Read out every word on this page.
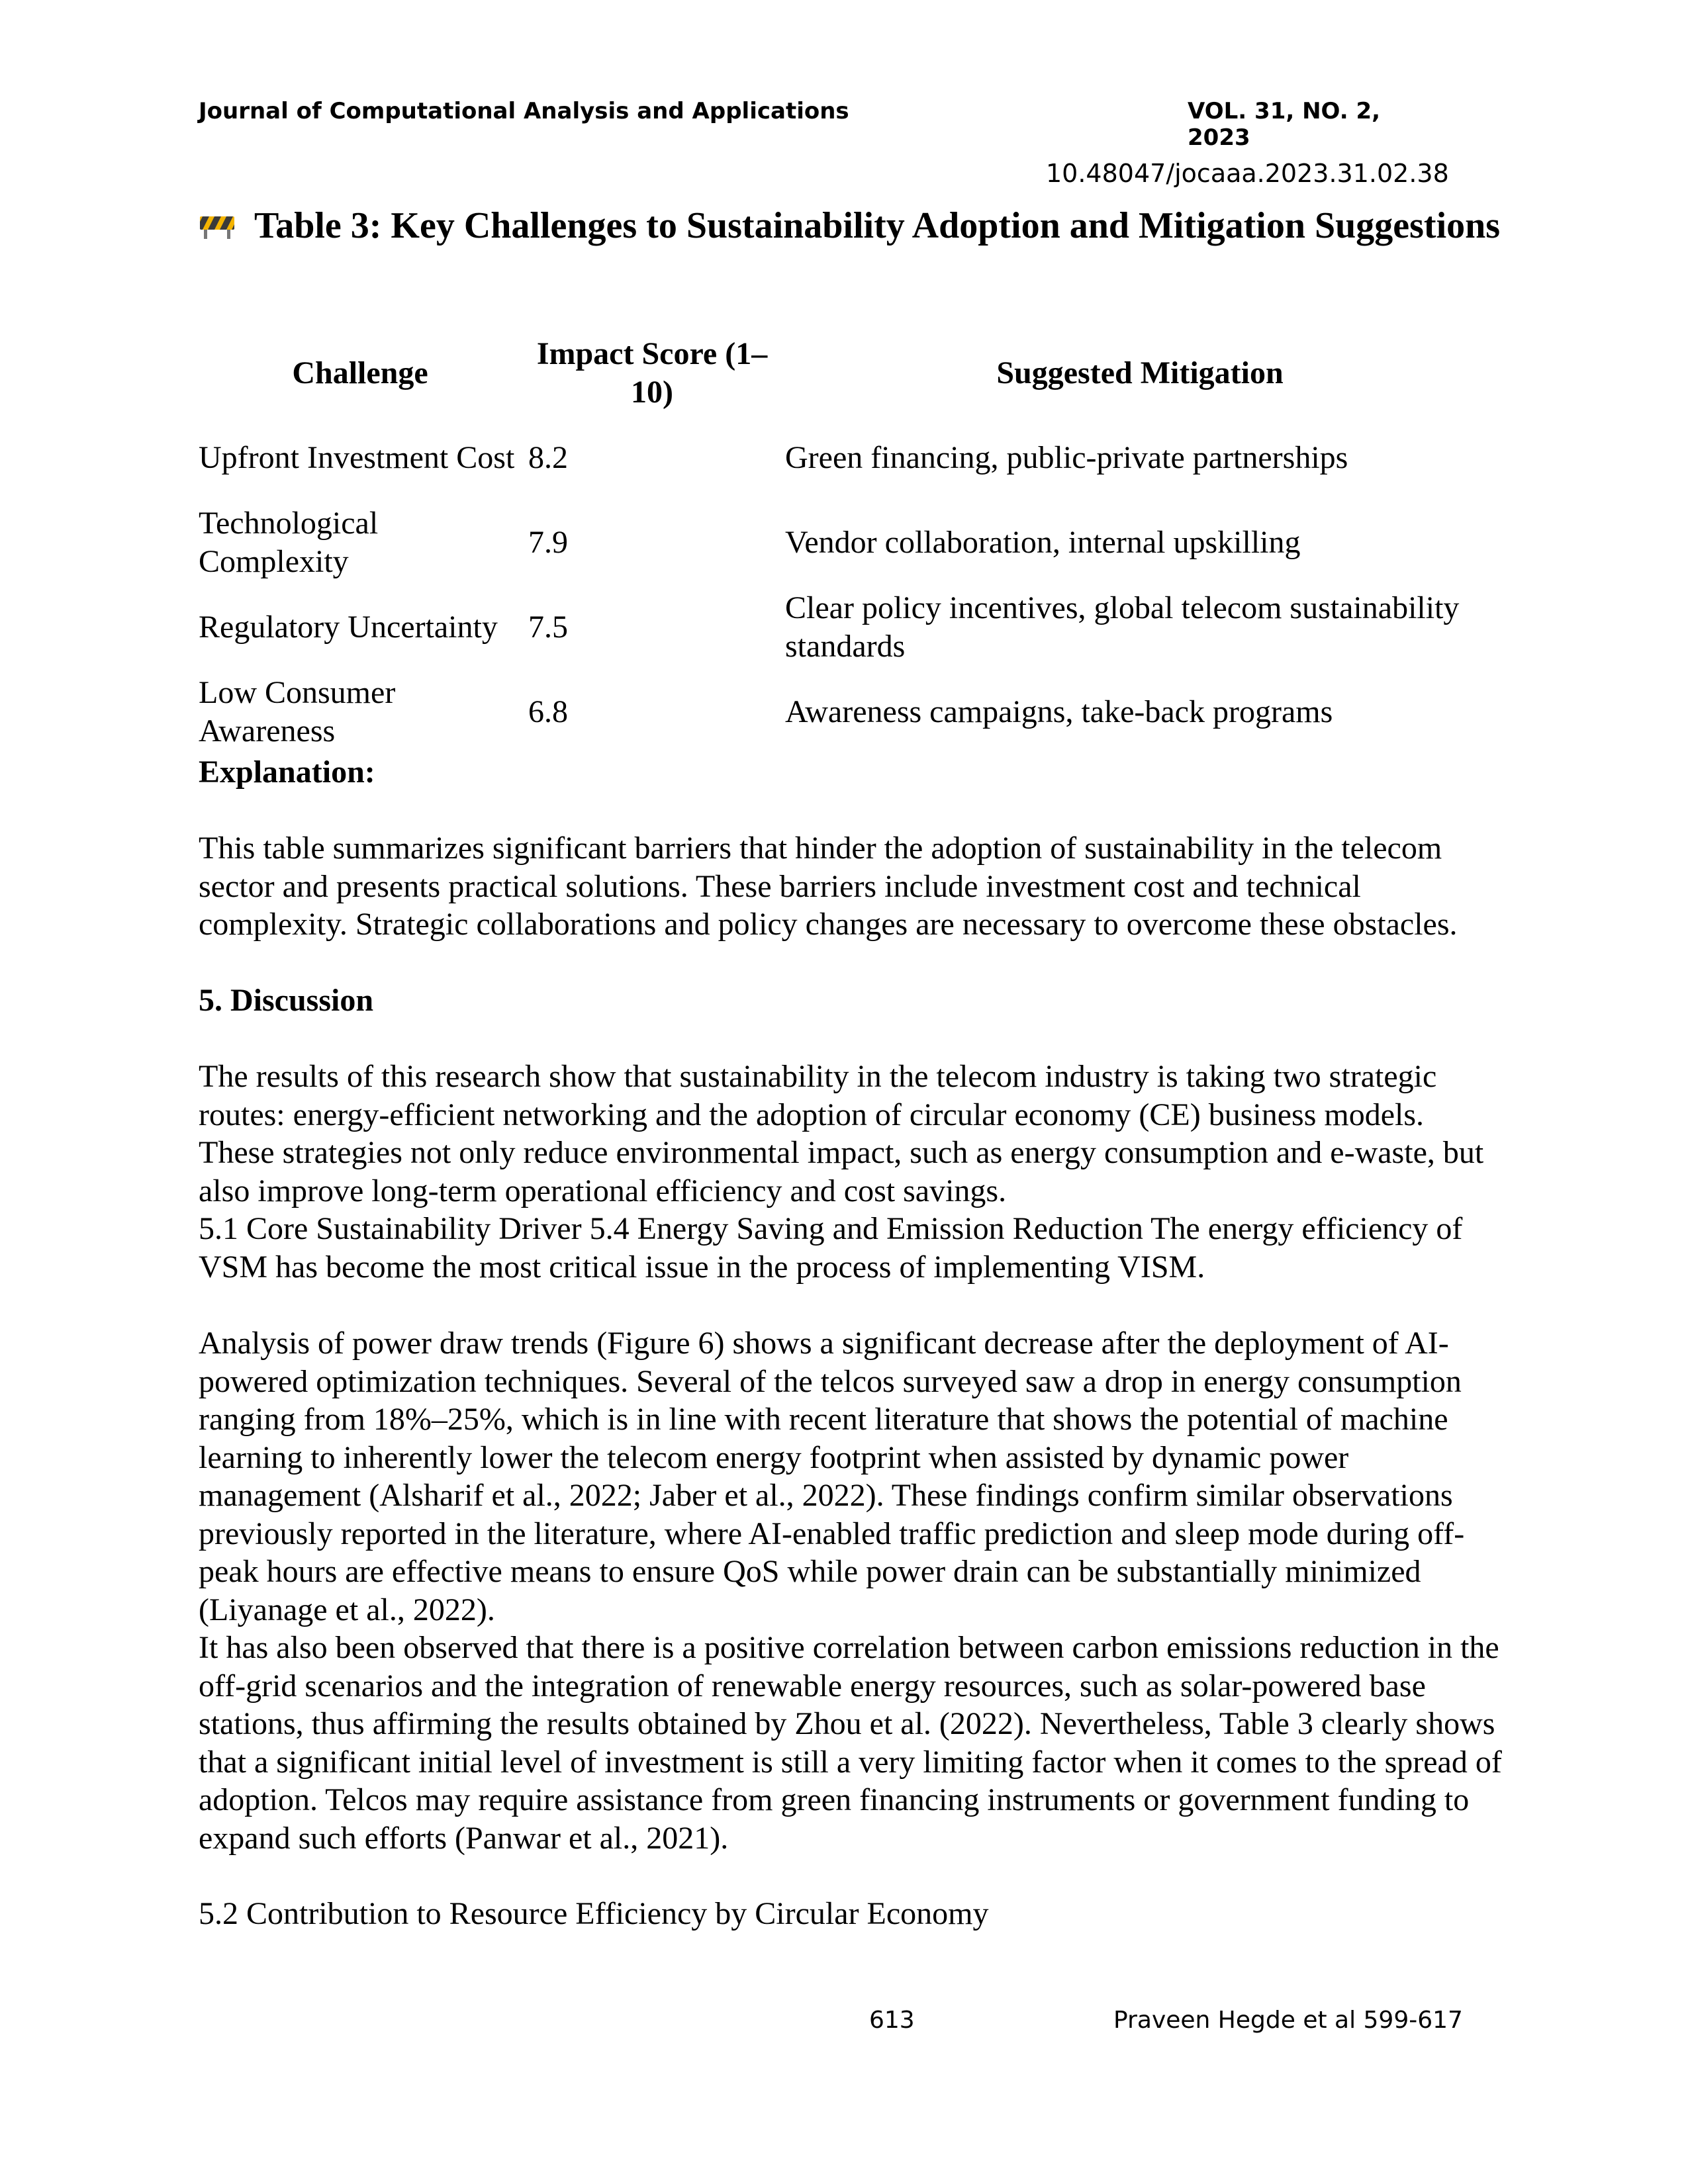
Journal of Computational Analysis and Applications	VOL. 31, NO. 2, 2023
10.48047/jocaaa.2023.31.02.38
Table 3: Key Challenges to Sustainability Adoption and Mitigation Suggestions
Challenge	Impact Score (1–10)	Suggested Mitigation
Upfront Investment Cost	8.2	Green financing, public-private partnerships
Technological Complexity	7.9	Vendor collaboration, internal upskilling
Regulatory Uncertainty	7.5	Clear policy incentives, global telecom sustainability standards
Low Consumer Awareness	6.8	Awareness campaigns, take-back programs
Explanation:

This table summarizes significant barriers that hinder the adoption of sustainability in the telecom sector and presents practical solutions. These barriers include investment cost and technical complexity. Strategic collaborations and policy changes are necessary to overcome these obstacles.

5. Discussion

The results of this research show that sustainability in the telecom industry is taking two strategic routes: energy-efficient networking and the adoption of circular economy (CE) business models. These strategies not only reduce environmental impact, such as energy consumption and e-waste, but also improve long-term operational efficiency and cost savings.

5.1 Core Sustainability Driver 5.4 Energy Saving and Emission Reduction The energy efficiency of VSM has become the most critical issue in the process of implementing VISM.

Analysis of power draw trends (Figure 6) shows a significant decrease after the deployment of AI-powered optimization techniques. Several of the telcos surveyed saw a drop in energy consumption ranging from 18%–25%, which is in line with recent literature that shows the potential of machine learning to inherently lower the telecom energy footprint when assisted by dynamic power management (Alsharif et al., 2022; Jaber et al., 2022). These findings confirm similar observations previously reported in the literature, where AI-enabled traffic prediction and sleep mode during off-peak hours are effective means to ensure QoS while power drain can be substantially minimized (Liyanage et al., 2022).

It has also been observed that there is a positive correlation between carbon emissions reduction in the off-grid scenarios and the integration of renewable energy resources, such as solar-powered base stations, thus affirming the results obtained by Zhou et al. (2022). Nevertheless, Table 3 clearly shows that a significant initial level of investment is still a very limiting factor when it comes to the spread of adoption. Telcos may require assistance from green financing instruments or government funding to expand such efforts (Panwar et al., 2021).

5.2 Contribution to Resource Efficiency by Circular Economy
613	Praveen Hegde et al 599-617
